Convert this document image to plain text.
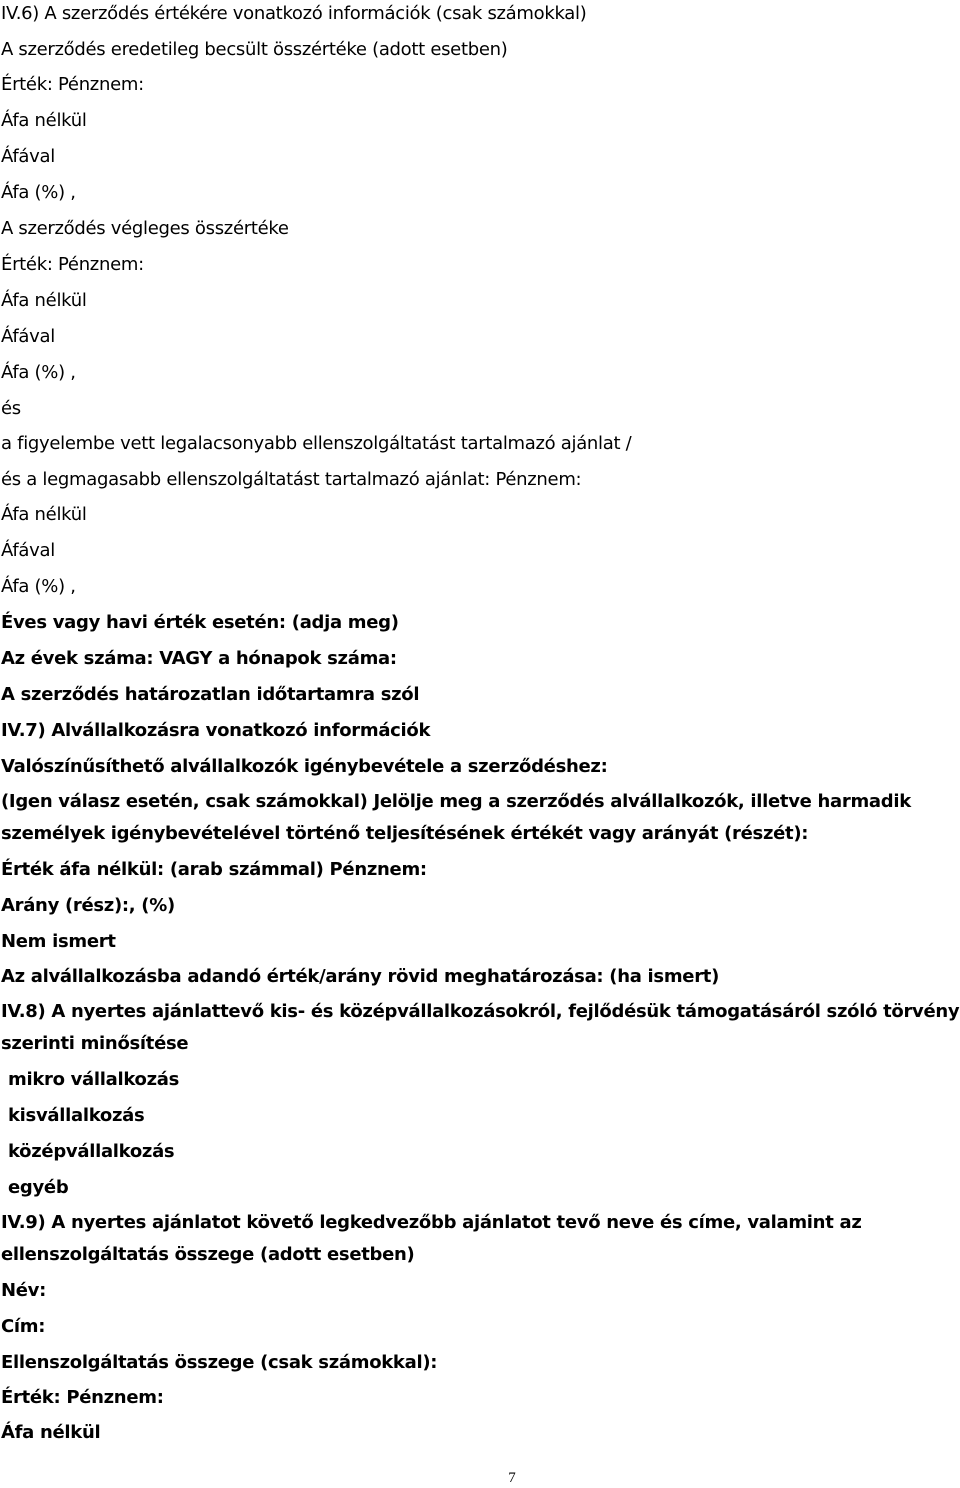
IV.6) A szerződés értékére vonatkozó információk (csak számokkal)
A szerződés eredetileg becsült összértéke (adott esetben)
Érték: Pénznem:
Áfa nélkül
Áfával
Áfa (%) ,
A szerződés végleges összértéke
Érték: Pénznem:
Áfa nélkül
Áfával
Áfa (%) ,
és
a figyelembe vett legalacsonyabb ellenszolgáltatást tartalmazó ajánlat /
és a legmagasabb ellenszolgáltatást tartalmazó ajánlat: Pénznem:
Áfa nélkül
Áfával
Áfa (%) ,
Éves vagy havi érték esetén: (adja meg)
Az évek száma: VAGY a hónapok száma:
A szerződés határozatlan időtartamra szól
IV.7) Alvállalkozásra vonatkozó információk
Valószínűsíthető alvállalkozók igénybevétele a szerződéshez:
(Igen válasz esetén, csak számokkal) Jelölje meg a szerződés alvállalkozók, illetve harmadik
személyek igénybevételével történő teljesítésének értékét vagy arányát (részét):
Érték áfa nélkül: (arab számmal) Pénznem:
Arány (rész):, (%)
Nem ismert
Az alvállalkozásba adandó érték/arány rövid meghatározása: (ha ismert)
IV.8) A nyertes ajánlattevő kis- és középvállalkozásokról, fejlődésük támogatásáról szóló törvény
szerinti minősítése
mikro vállalkozás
kisvállalkozás
középvállalkozás
egyéb
IV.9) A nyertes ajánlatot követő legkedvezőbb ajánlatot tevő neve és címe, valamint az
ellenszolgáltatás összege (adott esetben)
Név:
Cím:
Ellenszolgáltatás összege (csak számokkal):
Érték: Pénznem:
Áfa nélkül
7
